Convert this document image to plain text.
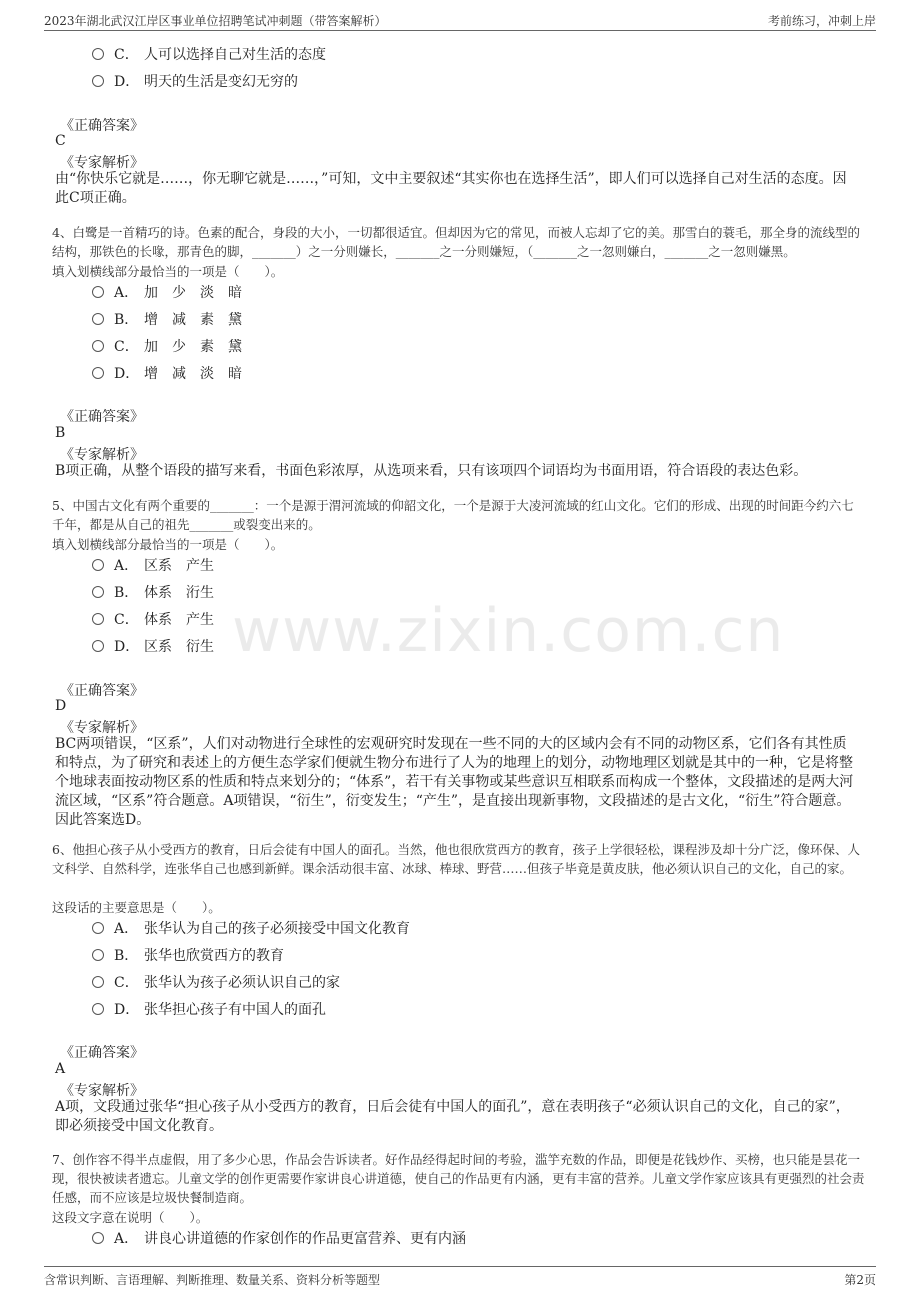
2023年湖北武汉江岸区事业单位招聘笔试冲刺题（带答案解析）	考前练习，冲刺上岸
www.zixin.com.cn
C． 人可以选择自己对生活的态度
D． 明天的生活是变幻无穷的
《正确答案》
C
《专家解析》
由“你快乐它就是……，你无聊它就是……，”可知，文中主要叙述“其实你也在选择生活”，即人们可以选择自己对生活的态度。因此C项正确。
4、白鹭是一首精巧的诗。色素的配合，身段的大小，一切都很适宜。但却因为它的常见，而被人忘却了它的美。那雪白的蓑毛，那全身的流线型的结构，那铁色的长喙，那青色的脚，_______）之一分则嫌长，_______之一分则嫌短，（_______之一忽则嫌白，_______之一忽则嫌黑。
填入划横线部分最恰当的一项是（　　）。
A． 加　少　淡　暗
B． 增　减　素　黛
C． 加　少　素　黛
D． 增　减　淡　暗
《正确答案》
B
《专家解析》
B项正确，从整个语段的描写来看，书面色彩浓厚，从选项来看，只有该项四个词语均为书面用语，符合语段的表达色彩。
5、中国古文化有两个重要的_______：一个是源于渭河流域的仰韶文化，一个是源于大凌河流域的红山文化。它们的形成、出现的时间距今约六七千年，都是从自己的祖先_______或裂变出来的。
填入划横线部分最恰当的一项是（　　）。
A． 区系　产生
B． 体系　洐生
C． 体系　产生
D． 区系　衍生
《正确答案》
D
《专家解析》
BC两项错误，“区系”，人们对动物进行全球性的宏观研究时发现在一些不同的大的区域内会有不同的动物区系，它们各有其性质和特点，为了研究和表述上的方便生态学家们便就生物分布进行了人为的地理上的划分，动物地理区划就是其中的一种，它是将整个地球表面按动物区系的性质和特点来划分的；“体系”，若干有关事物或某些意识互相联系而构成一个整体，文段描述的是两大河流区域，“区系”符合题意。A项错误，“衍生”，衍变发生；“产生”，是直接出现新事物，文段描述的是古文化，“衍生”符合题意。因此答案选D。
6、他担心孩子从小受西方的教育，日后会徒有中国人的面孔。当然，他也很欣赏西方的教育，孩子上学很轻松，课程涉及却十分广泛，像环保、人文科学、自然科学，连张华自己也感到新鲜。课余活动很丰富、冰球、棒球、野营……但孩子毕竟是黄皮肤，他必须认识自己的文化，自己的家。
这段话的主要意思是（　　）。
A． 张华认为自己的孩子必须接受中国文化教育
B． 张华也欣赏西方的教育
C． 张华认为孩子必须认识自己的家
D． 张华担心孩子有中国人的面孔
《正确答案》
A
《专家解析》
A项，文段通过张华“担心孩子从小受西方的教育，日后会徒有中国人的面孔”，意在表明孩子“必须认识自己的文化，自己的家”，即必须接受中国文化教育。
7、创作容不得半点虚假，用了多少心思，作品会告诉读者。好作品经得起时间的考验，滥竽充数的作品，即便是花钱炒作、买榜，也只能是昙花一现，很快被读者遗忘。儿童文学的创作更需要作家讲良心讲道德，使自己的作品更有内涵，更有丰富的营养。儿童文学作家应该具有更强烈的社会责任感，而不应该是垃圾快餐制造商。
这段文字意在说明（　　）。
A． 讲良心讲道德的作家创作的作品更富营养、更有内涵
含常识判断、言语理解、判断推理、数量关系、资料分析等题型	第2页
